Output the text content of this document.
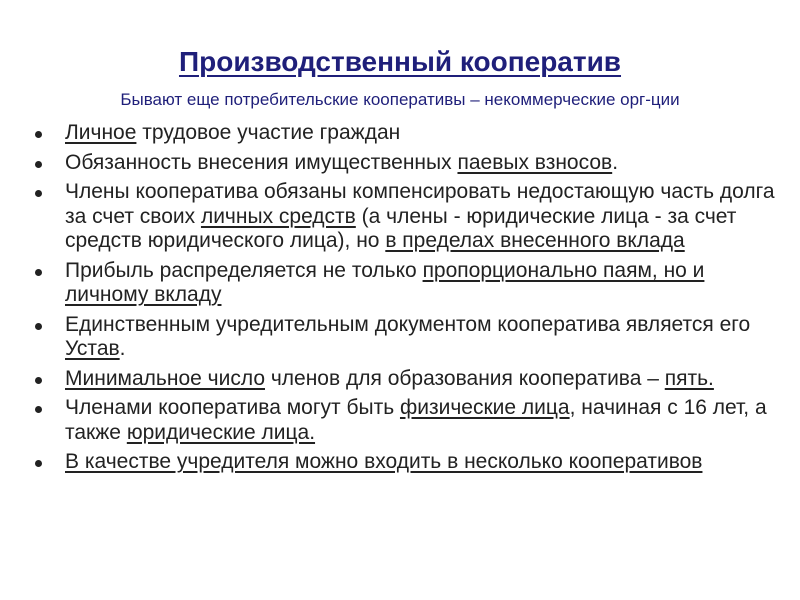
Производственный кооператив
Бывают еще потребительские кооперативы – некоммерческие орг-ции
Личное трудовое участие граждан
Обязанность внесения имущественных паевых взносов.
Члены кооператива обязаны компенсировать недостающую часть долга за счет своих личных средств (а члены - юридические лица - за счет средств юридического лица), но в пределах внесенного вклада
Прибыль распределяется не только пропорционально паям, но и личному вкладу
Единственным учредительным документом кооператива является его Устав.
Минимальное число членов для образования кооператива – пять.
Членами кооператива могут быть физические лица, начиная с 16 лет, а также юридические лица.
В качестве учредителя можно входить в несколько кооперативов
